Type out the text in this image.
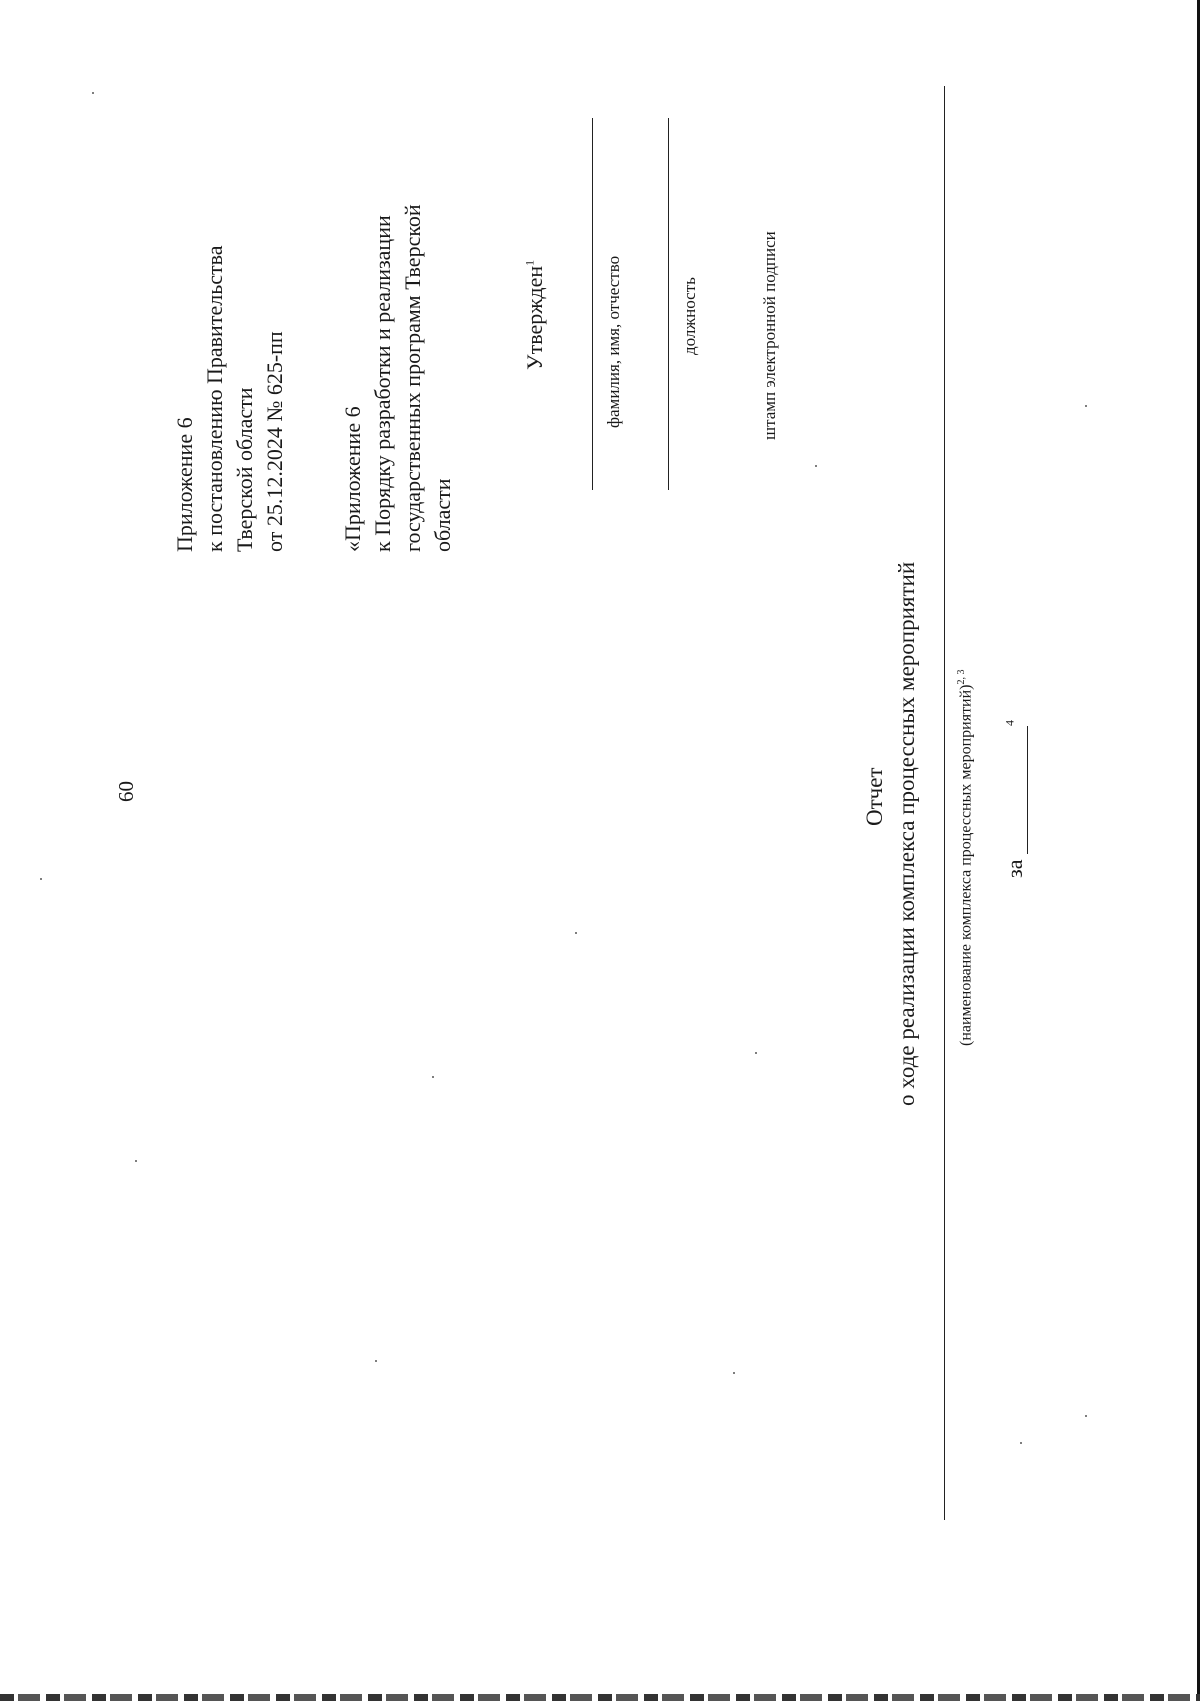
60
Приложение 6 к постановлению Правительства Тверской области от 25.12.2024 № 625-пп «Приложение 6 к Порядку разработки и реализации государственных программ Тверской области
Утвержден$^1$	фамилия, имя, отчество	должность	штамп электронной подписи
Отчет о ходе реализации комплекса процессных мероприятий (наименование комплекса процессных мероприятий)$^{2, 3}$
за $^4$
